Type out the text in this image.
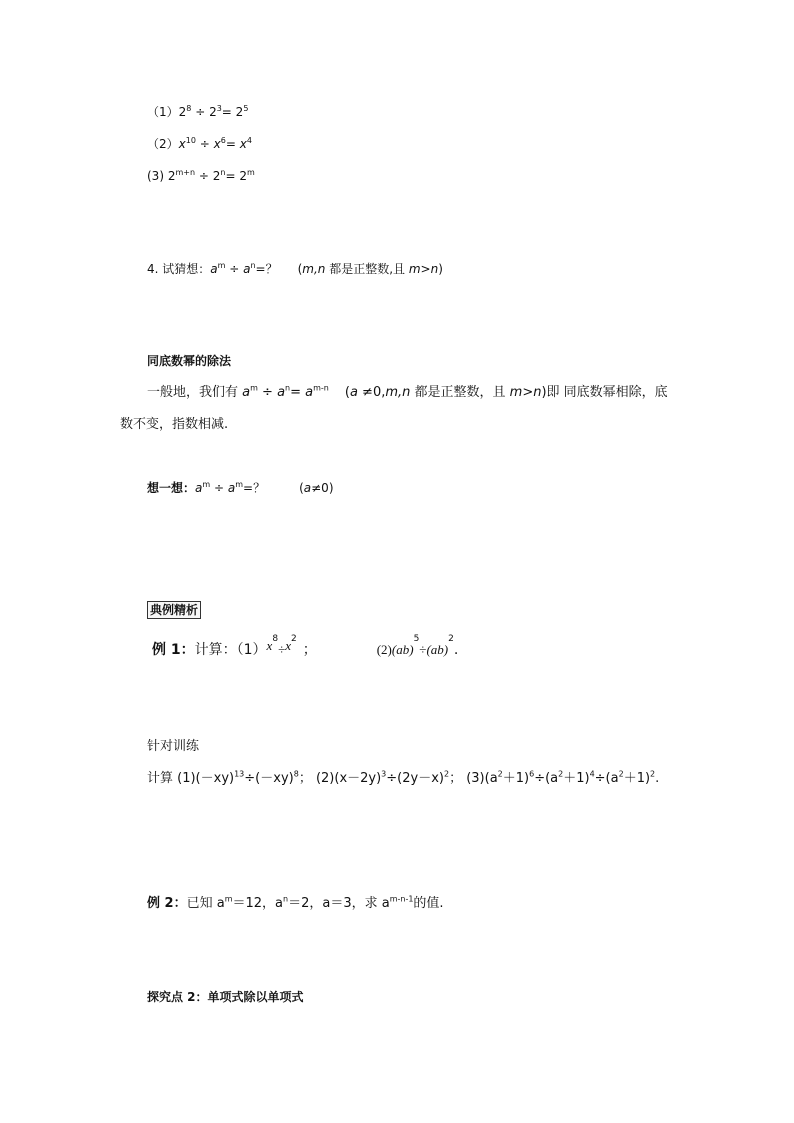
$(1)2^8 \div 2^3= 2^5$
$(2)x^{10} \div x^6= x^4$
(3) $2^{m+n} \div 2^n= 2^m$
4. 试猜想：$a^m \div a^n=$？ (m,n 都是正整数,且 m>n)
同底数幂的除法
一般地，我们有 $a^m \div a^n= a^{m-n}$ (a ≠0,m,n 都是正整数，且 m>n)即 同底数幂相除，底
数不变，指数相减.
想一想：$a^m \div a^m=$？	(a≠0)
典例精析
例 1：计算：$(1)x^8\div x^2$；	(2)(ab)$^5$÷(ab)$^2$.
针对训练
计算 $(1)(-xy)^{13}\div(-xy)^8$； $(2)(x-2y)^3\div(2y-x)^2$； $(3)(a^2+1)^6\div(a^2+1)^4\div(a^2+1)^2$.
例 2：已知 $a^m=12$，$a^n=2$，a＝3，求 $a^{m-n-1}$的值.
探究点 2：单项式除以单项式
